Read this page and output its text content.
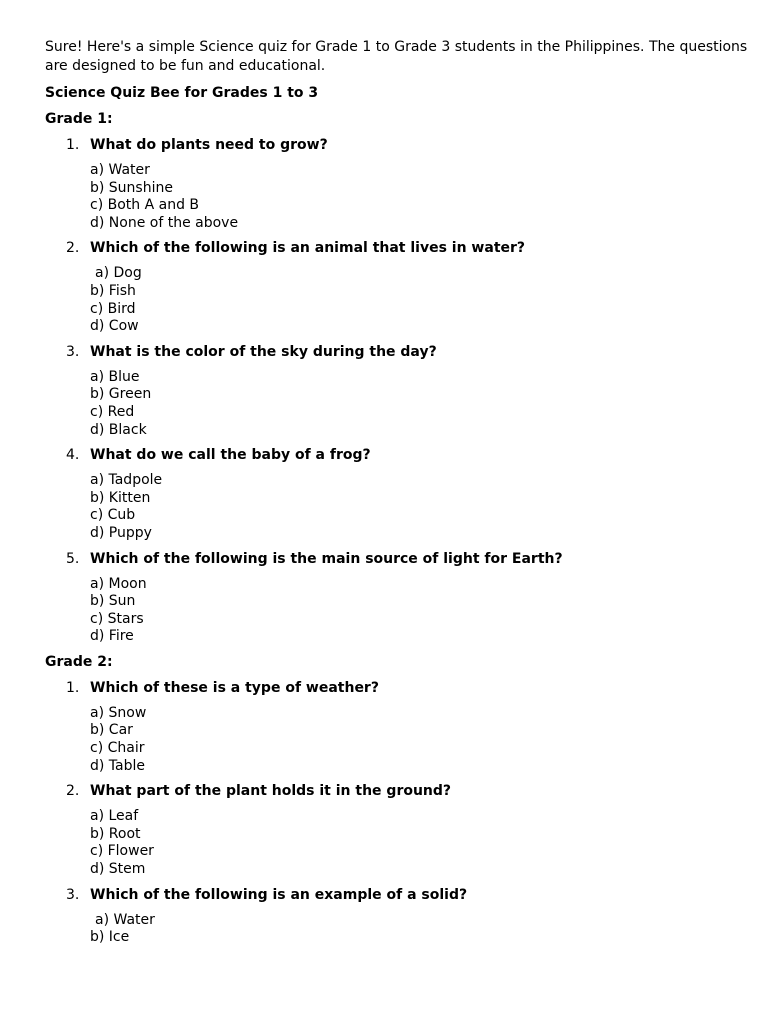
Sure! Here's a simple Science quiz for Grade 1 to Grade 3 students in the Philippines. The questions are designed to be fun and educational.

Science Quiz Bee for Grades 1 to 3
Grade 1:
1. What do plants need to grow?
a) Water
b) Sunshine
c) Both A and B
d) None of the above
2. Which of the following is an animal that lives in water?
a) Dog
b) Fish
c) Bird
d) Cow
3. What is the color of the sky during the day?
a) Blue
b) Green
c) Red
d) Black
4. What do we call the baby of a frog?
a) Tadpole
b) Kitten
c) Cub
d) Puppy
5. Which of the following is the main source of light for Earth?
a) Moon
b) Sun
c) Stars
d) Fire
Grade 2:
1. Which of these is a type of weather?
a) Snow
b) Car
c) Chair
d) Table
2. What part of the plant holds it in the ground?
a) Leaf
b) Root
c) Flower
d) Stem
3. Which of the following is an example of a solid?
a) Water
b) Ice
